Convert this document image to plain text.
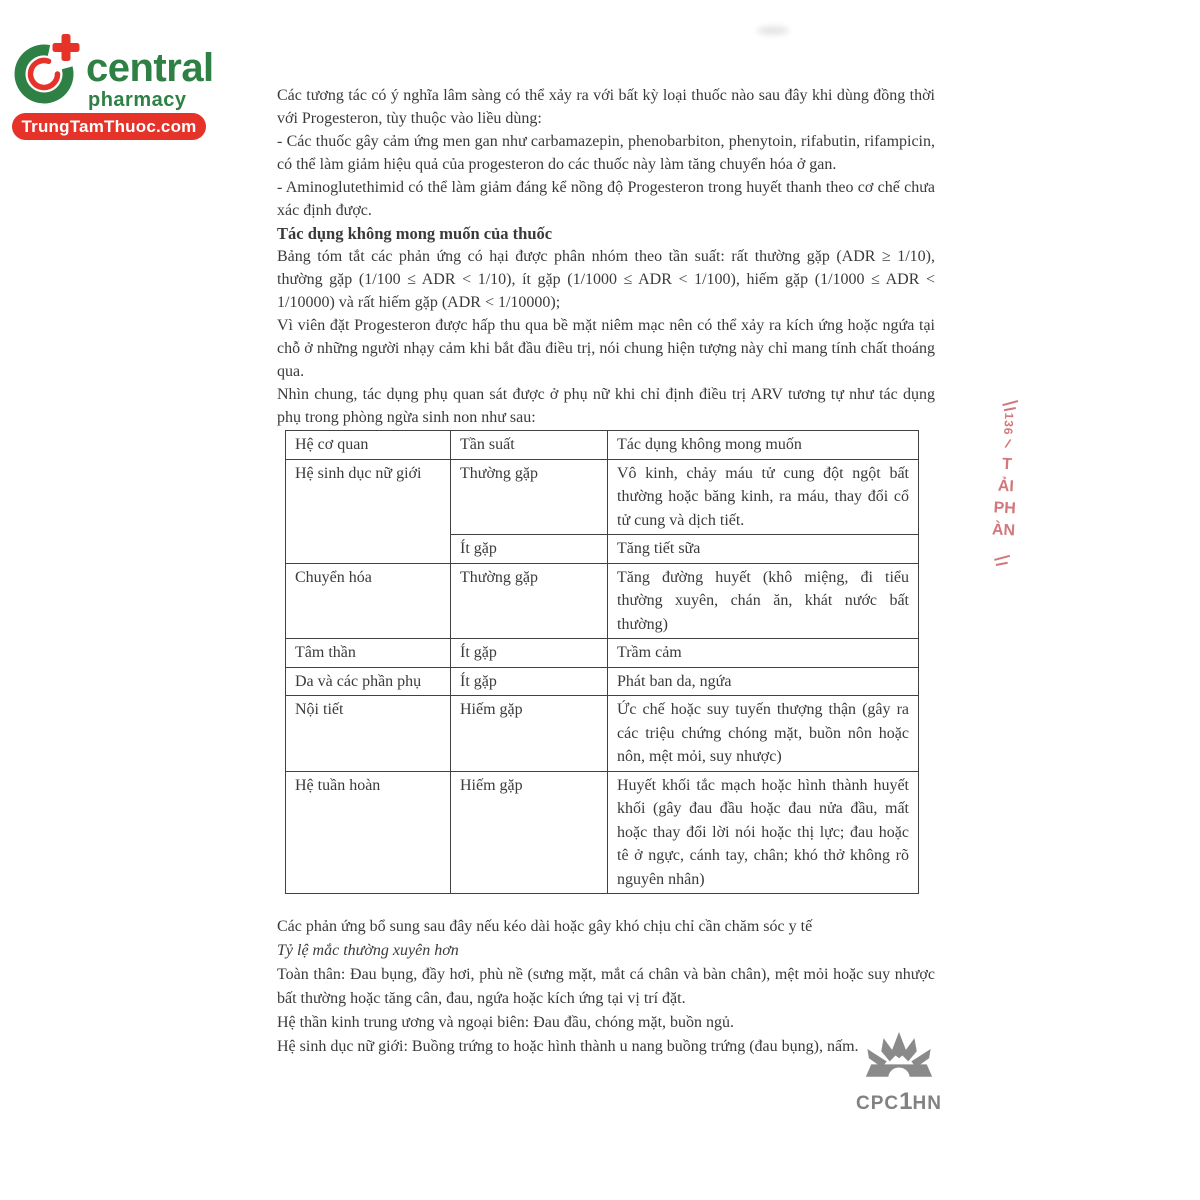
central
pharmacy
TrungTamThuoc.com

Các tương tác có ý nghĩa lâm sàng có thể xảy ra với bất kỳ loại thuốc nào sau đây khi dùng đồng thời với Progesteron, tùy thuộc vào liều dùng:

- Các thuốc gây cảm ứng men gan như carbamazepin, phenobarbiton, phenytoin, rifabutin, rifampicin, có thể làm giảm hiệu quả của progesteron do các thuốc này làm tăng chuyển hóa ở gan.

- Aminoglutethimid có thể làm giảm đáng kể nồng độ Progesteron trong huyết thanh theo cơ chế chưa xác định được.

Tác dụng không mong muốn của thuốc

Bảng tóm tắt các phản ứng có hại được phân nhóm theo tần suất: rất thường gặp (ADR ≥ 1/10), thường gặp (1/100 ≤ ADR < 1/10), ít gặp (1/1000 ≤ ADR < 1/100), hiếm gặp (1/1000 ≤ ADR < 1/10000) và rất hiếm gặp (ADR < 1/10000);

Vì viên đặt Progesteron được hấp thu qua bề mặt niêm mạc nên có thể xảy ra kích ứng hoặc ngứa tại chỗ ở những người nhạy cảm khi bắt đầu điều trị, nói chung hiện tượng này chỉ mang tính chất thoáng qua.

Nhìn chung, tác dụng phụ quan sát được ở phụ nữ khi chỉ định điều trị ARV tương tự như tác dụng phụ trong phòng ngừa sinh non như sau:

Hệ cơ quan	Tần suất	Tác dụng không mong muốn
Hệ sinh dục nữ giới	Thường gặp	Vô kinh, chảy máu tử cung đột ngột bất thường hoặc băng kinh, ra máu, thay đổi cổ tử cung và dịch tiết.
	Ít gặp	Tăng tiết sữa
Chuyển hóa	Thường gặp	Tăng đường huyết (khô miệng, đi tiểu thường xuyên, chán ăn, khát nước bất thường)
Tâm thần	Ít gặp	Trầm cảm
Da và các phần phụ	Ít gặp	Phát ban da, ngứa
Nội tiết	Hiếm gặp	Ức chế hoặc suy tuyến thượng thận (gây ra các triệu chứng chóng mặt, buồn nôn hoặc nôn, mệt mỏi, suy nhược)
Hệ tuần hoàn	Hiếm gặp	Huyết khối tắc mạch hoặc hình thành huyết khối (gây đau đầu hoặc đau nửa đầu, mất hoặc thay đổi lời nói hoặc thị lực; đau hoặc tê ở ngực, cánh tay, chân; khó thở không rõ nguyên nhân)

Các phản ứng bổ sung sau đây nếu kéo dài hoặc gây khó chịu chỉ cần chăm sóc y tế

Tỷ lệ mắc thường xuyên hơn

Toàn thân: Đau bụng, đầy hơi, phù nề (sưng mặt, mắt cá chân và bàn chân), mệt mỏi hoặc suy nhược bất thường hoặc tăng cân, đau, ngứa hoặc kích ứng tại vị trí đặt.

Hệ thần kinh trung ương và ngoại biên: Đau đầu, chóng mặt, buồn ngủ.

Hệ sinh dục nữ giới: Buồng trứng to hoặc hình thành u nang buồng trứng (đau bụng), nấm.

CPC1HN
136
/
T
ẢI
PH
ÀN
